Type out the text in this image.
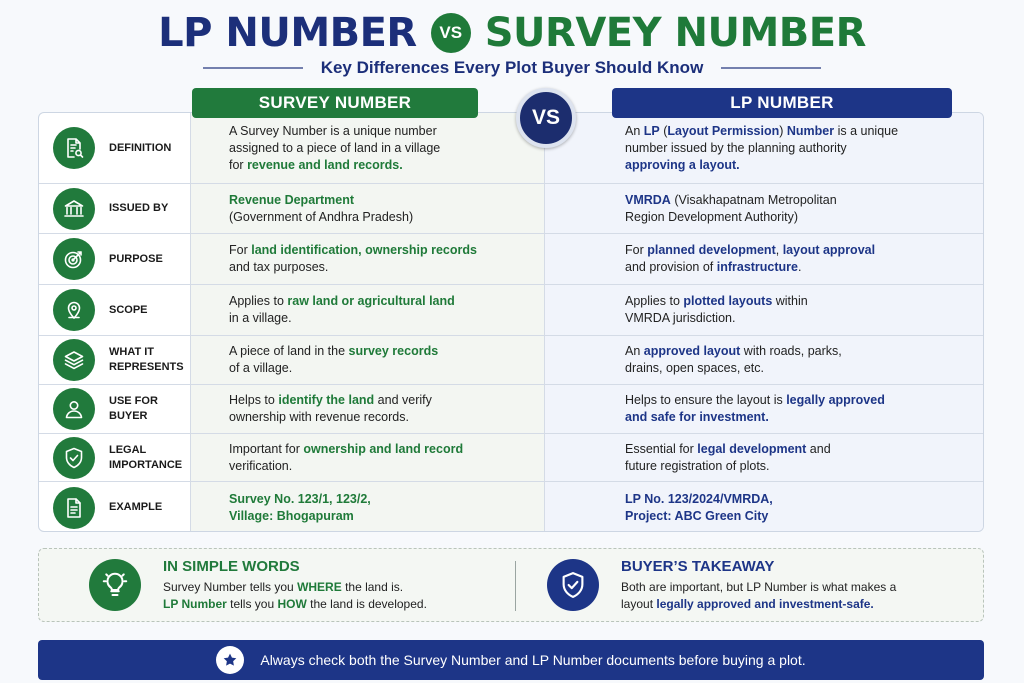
LP NUMBER	VS SURVEY NUMBER
Key Differences Every Plot Buyer Should Know
SURVEY NUMBER	LP NUMBER
VS
DEFINITION
A Survey Number is a unique number
assigned to a piece of land in a village
for revenue and land records.
An LP (Layout Permission) Number is a unique
number issued by the planning authority
approving a layout.
ISSUED BY
Revenue Department
(Government of Andhra Pradesh)
VMRDA (Visakhapatnam Metropolitan
Region Development Authority)
PURPOSE
For land identification, ownership records
and tax purposes.
For planned development, layout approval
and provision of infrastructure.
SCOPE
Applies to raw land or agricultural land
in a village.
Applies to plotted layouts within
VMRDA jurisdiction.
WHAT IT
REPRESENTS
A piece of land in the survey records
of a village.
An approved layout with roads, parks,
drains, open spaces, etc.
USE FOR
BUYER
Helps to identify the land and verify
ownership with revenue records.
Helps to ensure the layout is legally approved
and safe for investment.
LEGAL
IMPORTANCE
Important for ownership and land record
verification.
Essential for legal development and
future registration of plots.
EXAMPLE
Survey No. 123/1, 123/2,
Village: Bhogapuram
LP No. 123/2024/VMRDA,
Project: ABC Green City
IN SIMPLE WORDS
Survey Number tells you WHERE the land is.
LP Number tells you HOW the land is developed.
BUYER’S TAKEAWAY
Both are important, but LP Number is what makes a
layout legally approved and investment-safe.
Always check both the Survey Number and LP Number documents before buying a plot.
